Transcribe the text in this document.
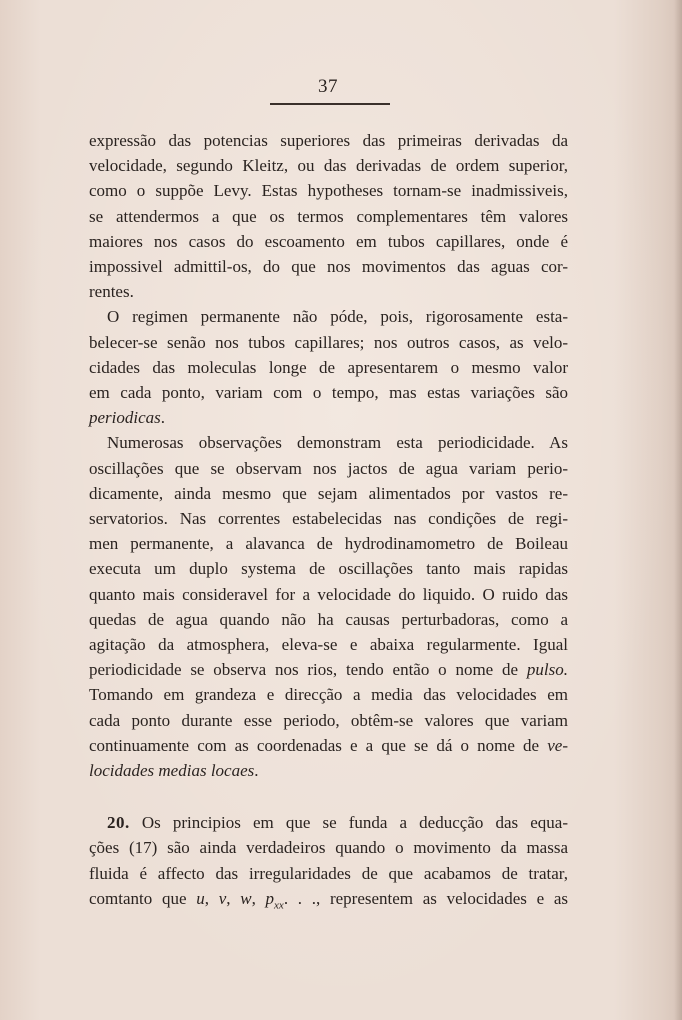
37
expressão das potencias superiores das primeiras derivadas da
velocidade, segundo Kleitz, ou das derivadas de ordem superior,
como o suppõe Levy. Estas hypotheses tornam-se inadmissiveis,
se attendermos a que os termos complementares têm valores
maiores nos casos do escoamento em tubos capillares, onde é
impossivel admittil-os, do que nos movimentos das aguas cor-
rentes.
O regimen permanente não póde, pois, rigorosamente esta-
belecer-se senão nos tubos capillares; nos outros casos, as velo-
cidades das moleculas longe de apresentarem o mesmo valor
em cada ponto, variam com o tempo, mas estas variações são
periodicas.
Numerosas observações demonstram esta periodicidade. As
oscillações que se observam nos jactos de agua variam perio-
dicamente, ainda mesmo que sejam alimentados por vastos re-
servatorios. Nas correntes estabelecidas nas condições de regi-
men permanente, a alavanca de hydrodinamometro de Boileau
executa um duplo systema de oscillações tanto mais rapidas
quanto mais consideravel for a velocidade do liquido. O ruido das
quedas de agua quando não ha causas perturbadoras, como a
agitação da atmosphera, eleva-se e abaixa regularmente. Igual
periodicidade se observa nos rios, tendo então o nome de pulso.
Tomando em grandeza e direcção a media das velocidades em
cada ponto durante esse periodo, obtêm-se valores que variam
continuamente com as coordenadas e a que se dá o nome de ve-
locidades medias locaes.
20. Os principios em que se funda a deducção das equa-
ções (17) são ainda verdadeiros quando o movimento da massa
fluida é affecto das irregularidades de que acabamos de tratar,
comtanto que u, v, w, $p_{xx}$. . ., representem as velocidades e as
